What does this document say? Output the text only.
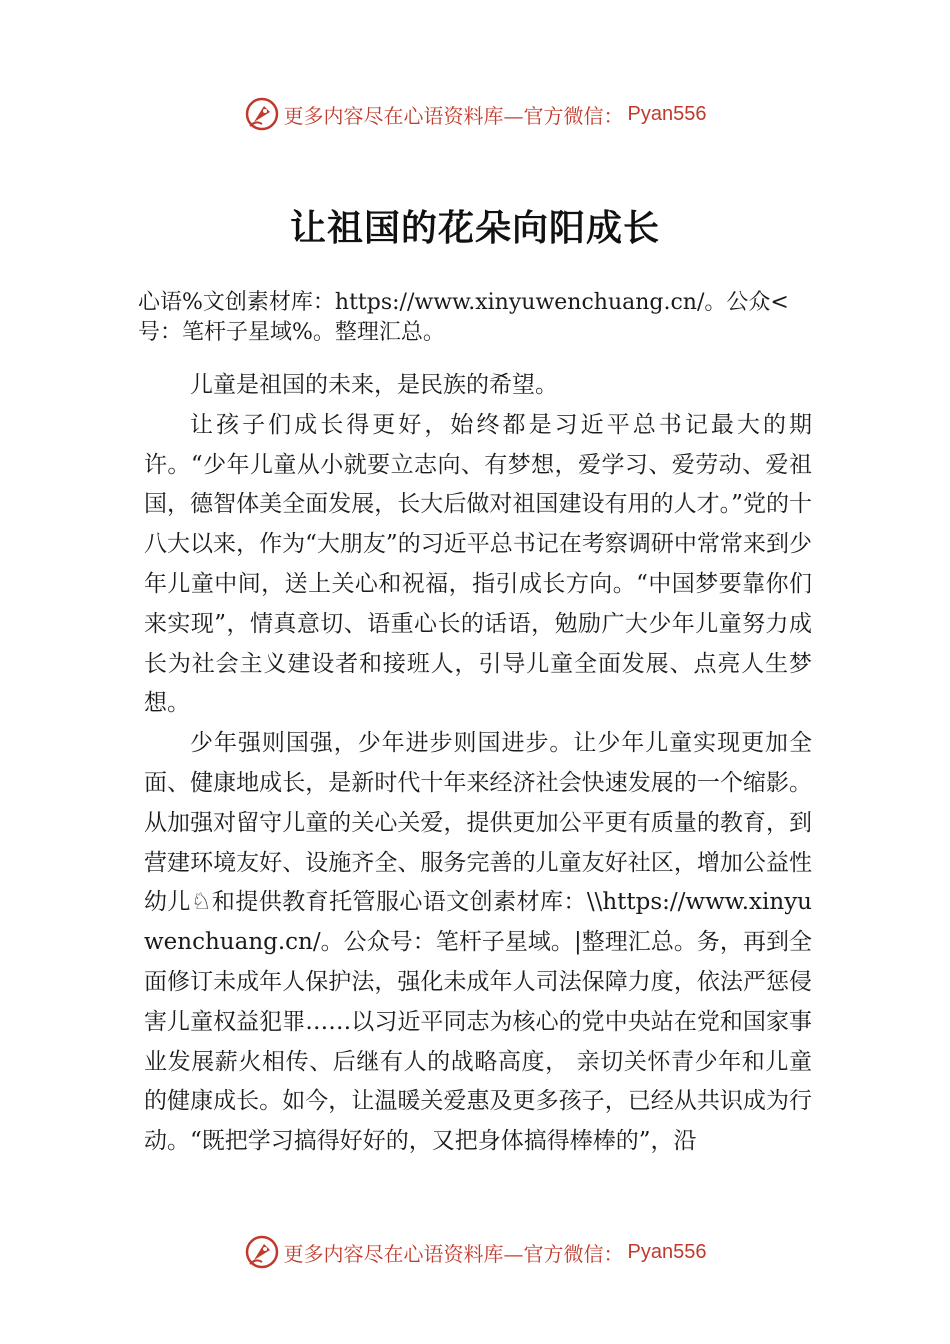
更多内容尽在心语资料库—官方微信： Pyan556
让祖国的花朵向阳成长
心语%文创素材库：https://www.xinyuwenchuang.cn/。公众<号：笔杆子星域%。整理汇总。

儿童是祖国的未来，是民族的希望。

让孩子们成长得更好，始终都是习近平总书记最大的期许。“少年儿童从小就要立志向、有梦想，爱学习、爱劳动、爱祖国，德智体美全面发展，长大后做对祖国建设有用的人才。”党的十八大以来，作为“大朋友”的习近平总书记在考察调研中常常来到少年儿童中间，送上关心和祝福，指引成长方向。“中国梦要靠你们来实现”，情真意切、语重心长的话语，勉励广大少年儿童努力成长为社会主义建设者和接班人，引导儿童全面发展、点亮人生梦想。

少年强则国强，少年进步则国进步。让少年儿童实现更加全面、健康地成长，是新时代十年来经济社会快速发展的一个缩影。从加强对留守儿童的关心关爱，提供更加公平更有质量的教育，到营建环境友好、设施齐全、服务完善的儿童友好社区，增加公益性幼儿♘和提供教育托管服心语文创素材库：\\https://www.xinyuwenchuang.cn/。公众号：笔杆子星域。|整理汇总。务，再到全面修订未成年人保护法，强化未成年人司法保障力度，依法严惩侵害儿童权益犯罪……以习近平同志为核心的党中央站在党和国家事业发展薪火相传、后继有人的战略高度， 亲切关怀青少年和儿童的健康成长。如今，让温暖关爱惠及更多孩子，已经从共识成为行动。“既把学习搞得好好的，又把身体搞得棒棒的”，沿

更多内容尽在心语资料库—官方微信： Pyan556
